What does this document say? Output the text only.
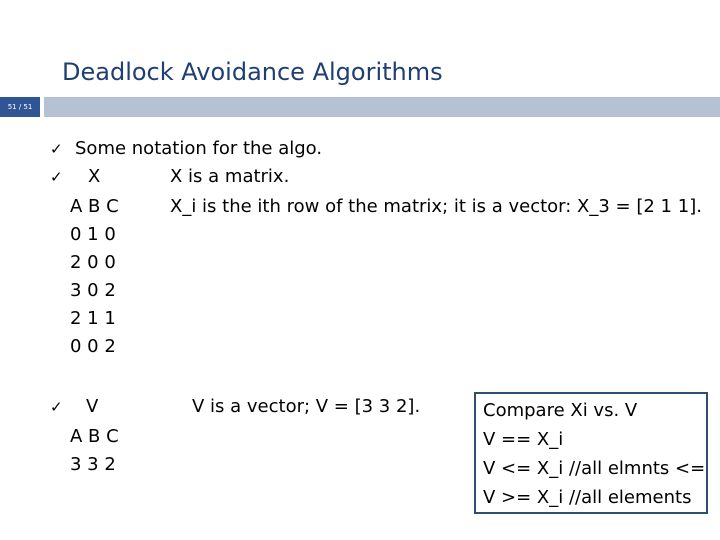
Deadlock Avoidance Algorithms
51 / 51
✓ Some notation for the algo.
✓ X	X is a matrix.
A B C	X_i is the ith row of the matrix; it is a vector: X_3 = [2 1 1].
0 1 0
2 0 0
3 0 2
2 1 1
0 0 2
✓ V	V is a vector; V = [3 3 2].
A B C
3 3 2
Compare Xi vs. V
V == X_i
V <= X_i //all elmnts <=
V >= X_i //all elements
